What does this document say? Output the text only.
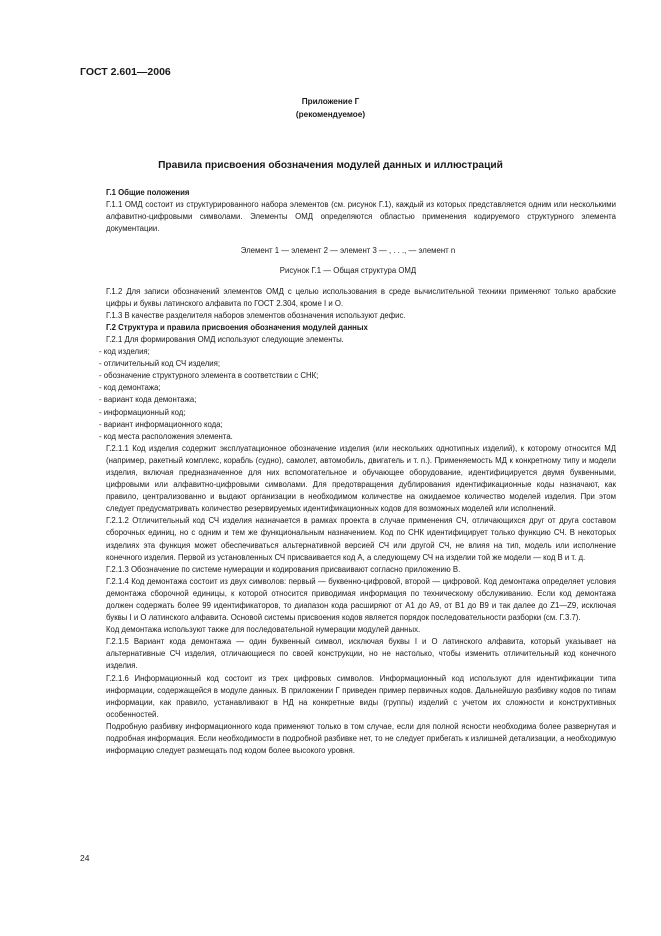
ГОСТ 2.601—2006
Приложение Г
(рекомендуемое)
Правила присвоения обозначения модулей данных и иллюстраций

Г.1 Общие положения

Г.1.1 ОМД состоит из структурированного набора элементов (см. рисунок Г.1), каждый из которых представляется одним или несколькими алфавитно-цифровыми символами. Элементы ОМД определяются областью применения кодируемого структурного элемента документации.

Элемент 1 — элемент 2 — элемент 3 — , . . ., — элемент n

Рисунок Г.1 — Общая структура ОМД

Г.1.2 Для записи обозначений элементов ОМД с целью использования в среде вычислительной техники применяют только арабские цифры и буквы латинского алфавита по ГОСТ 2.304, кроме I и O.

Г.1.3 В качестве разделителя наборов элементов обозначения используют дефис.

Г.2 Структура и правила присвоения обозначения модулей данных

Г.2.1 Для формирования ОМД используют следующие элементы.

- код изделия;
- отличительный код СЧ изделия;
- обозначение структурного элемента в соответствии с СНК;
- код демонтажа;
- вариант кода демонтажа;
- информационный код;
- вариант информационного кода;
- код места расположения элемента.

Г.2.1.1 Код изделия содержит эксплуатационное обозначение изделия (или нескольких однотипных изделий), к которому относится МД (например, ракетный комплекс, корабль (судно), самолет, автомобиль, двигатель и т. п.). Применяемость МД к конкретному типу и модели изделия, включая предназначенное для них вспомогательное и обучающее оборудование, идентифицируется двумя буквенными, цифровыми или алфавитно-цифровыми символами. Для предотвращения дублирования идентификационные коды назначают, как правило, централизованно и выдают организации в необходимом количестве на ожидаемое количество моделей изделия. При этом следует предусматривать количество резервируемых идентификационных кодов для возможных моделей или исполнений.

Г.2.1.2 Отличительный код СЧ изделия назначается в рамках проекта в случае применения СЧ, отличающихся друг от друга составом сборочных единиц, но с одним и тем же функциональным назначением. Код по СНК идентифицирует только функцию СЧ. В некоторых изделиях эта функция может обеспечиваться альтернативной версией СЧ или другой СЧ, не влияя на тип, модель или исполнение конечного изделия. Первой из установленных СЧ присваивается код А, а следующему СЧ на изделии той же модели — код В и т. д.

Г.2.1.3 Обозначение по системе нумерации и кодирования присваивают согласно приложению В.

Г.2.1.4 Код демонтажа состоит из двух символов: первый — буквенно-цифровой, второй — цифровой. Код демонтажа определяет условия демонтажа сборочной единицы, к которой относится приводимая информация по техническому обслуживанию. Если код демонтажа должен содержать более 99 идентификаторов, то диапазон кода расширяют от А1 до А9, от В1 до В9 и так далее до Z1—Z9, исключая буквы I и O латинского алфавита. Основой системы присвоения кодов является порядок последовательности разборки (см. Г.3.7).

Код демонтажа используют также для последовательной нумерации модулей данных.

Г.2.1.5 Вариант кода демонтажа — один буквенный символ, исключая буквы I и O латинского алфавита, который указывает на альтернативные СЧ изделия, отличающиеся по своей конструкции, но не настолько, чтобы изменить отличительный код конечного изделия.

Г.2.1.6 Информационный код состоит из трех цифровых символов. Информационный код используют для идентификации типа информации, содержащейся в модуле данных. В приложении Г приведен пример первичных кодов. Дальнейшую разбивку кодов по типам информации, как правило, устанавливают в НД на конкретные виды (группы) изделий с учетом их сложности и конструктивных особенностей.

Подробную разбивку информационного кода применяют только в том случае, если для полной ясности необходима более развернутая и подробная информация. Если необходимости в подробной разбивке нет, то не следует прибегать к излишней детализации, а необходимую информацию следует размещать под кодом более высокого уровня.

24
